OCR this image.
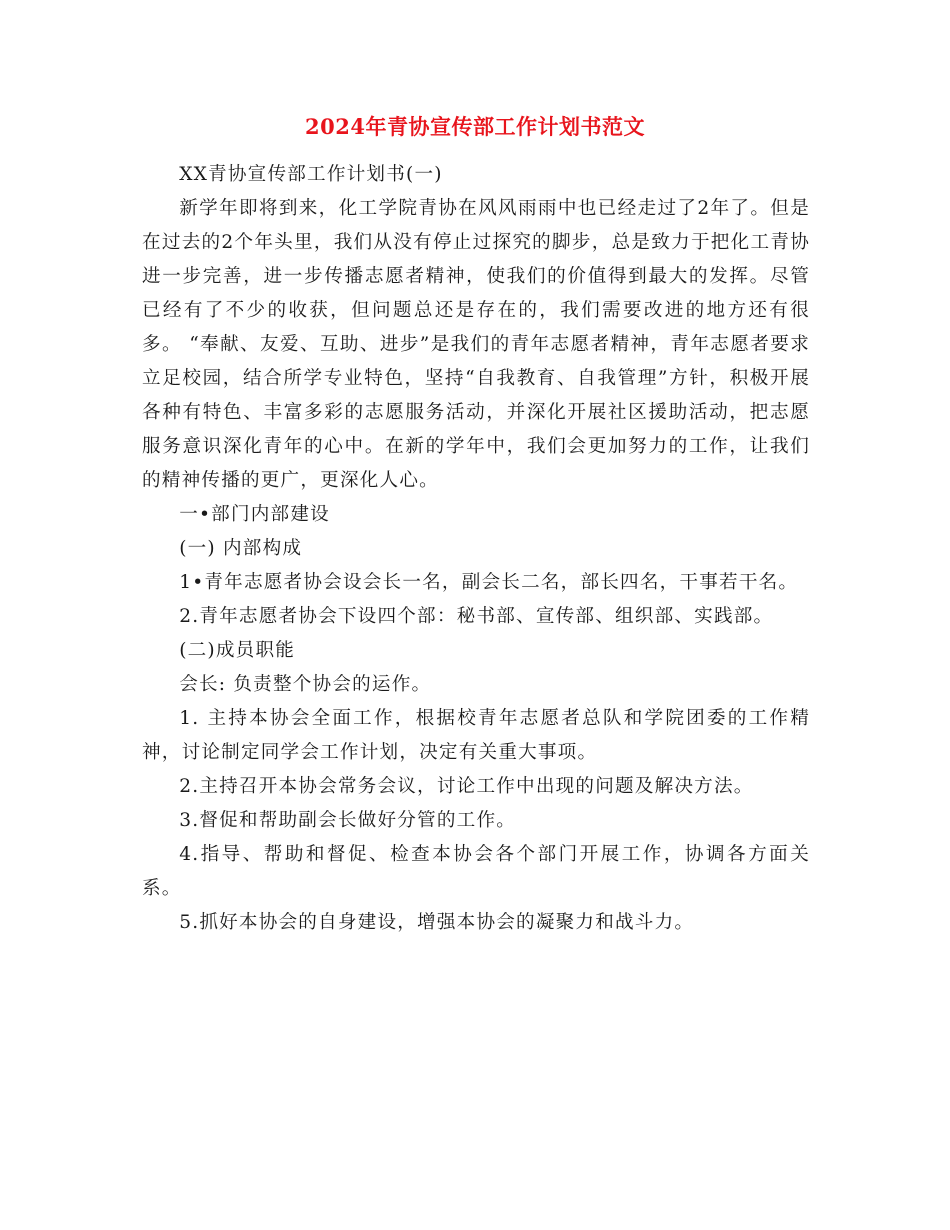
2024年青协宣传部工作计划书范文

XX青协宣传部工作计划书(一)

新学年即将到来，化工学院青协在风风雨雨中也已经走过了2年了。但是在过去的2个年头里，我们从没有停止过探究的脚步，总是致力于把化工青协进一步完善，进一步传播志愿者精神，使我们的价值得到最大的发挥。尽管已经有了不少的收获，但问题总还是存在的，我们需要改进的地方还有很多。 “奉献、友爱、互助、进步”是我们的青年志愿者精神，青年志愿者要求立足校园，结合所学专业特色，坚持“自我教育、自我管理”方针，积极开展各种有特色、丰富多彩的志愿服务活动，并深化开展社区援助活动，把志愿服务意识深化青年的心中。在新的学年中，我们会更加努力的工作，让我们的精神传播的更广，更深化人心。

一•部门内部建设

(一) 内部构成

1•青年志愿者协会设会长一名，副会长二名，部长四名，干事若干名。

2.青年志愿者协会下设四个部：秘书部、宣传部、组织部、实践部。

(二)成员职能

会长: 负责整个协会的运作。

1. 主持本协会全面工作，根据校青年志愿者总队和学院团委的工作精神，讨论制定同学会工作计划，决定有关重大事项。

2.主持召开本协会常务会议，讨论工作中出现的问题及解决方法。

3.督促和帮助副会长做好分管的工作。

4.指导、帮助和督促、检查本协会各个部门开展工作，协调各方面关系。

5.抓好本协会的自身建设，增强本协会的凝聚力和战斗力。
